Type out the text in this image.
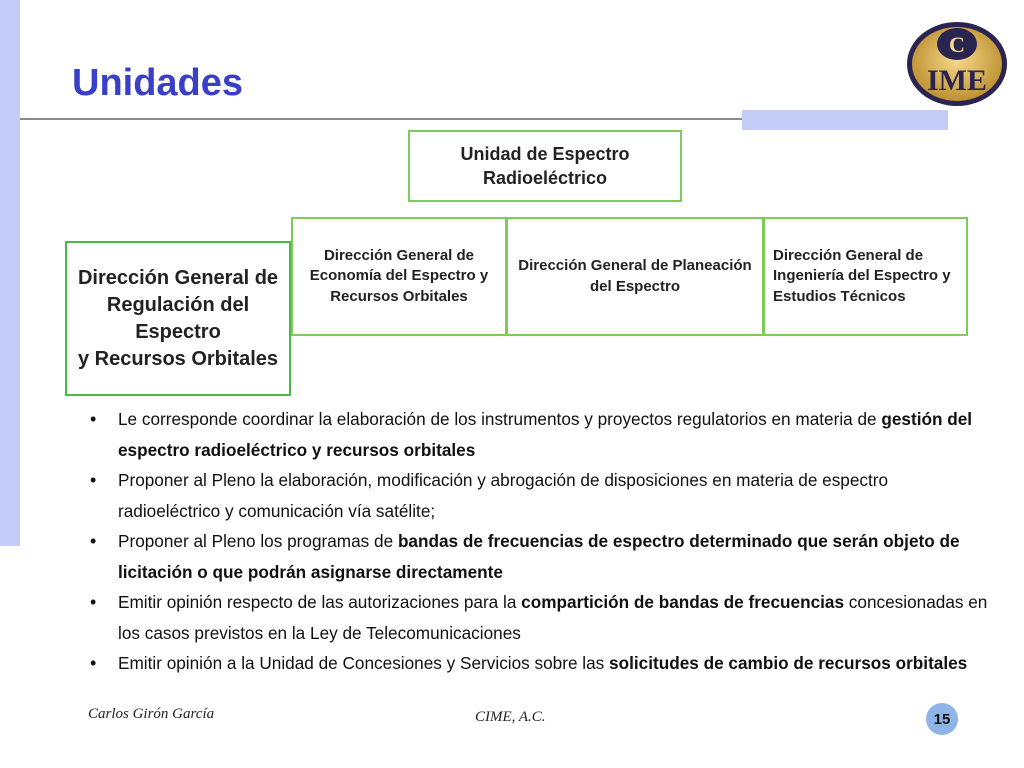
Unidades
C
IME
Unidad de Espectro
Radioeléctrico
Dirección General de
Regulación del Espectro
y Recursos Orbitales
Dirección General de
Economía del Espectro y
Recursos Orbitales
Dirección General de Planeación
del Espectro
Dirección General de
Ingeniería del Espectro y
Estudios Técnicos
• Le corresponde coordinar la elaboración de los instrumentos y proyectos regulatorios en materia de gestión del espectro radioeléctrico y recursos orbitales
• Proponer al Pleno la elaboración, modificación y abrogación de disposiciones en materia de espectro radioeléctrico y comunicación vía satélite;
• Proponer al Pleno los programas de bandas de frecuencias de espectro determinado que serán objeto de licitación o que podrán asignarse directamente
• Emitir opinión respecto de las autorizaciones para la compartición de bandas de frecuencias concesionadas en los casos previstos en la Ley de Telecomunicaciones
• Emitir opinión a la Unidad de Concesiones y Servicios sobre las solicitudes de cambio de recursos orbitales
Carlos Girón García	CIME, A.C.	15
